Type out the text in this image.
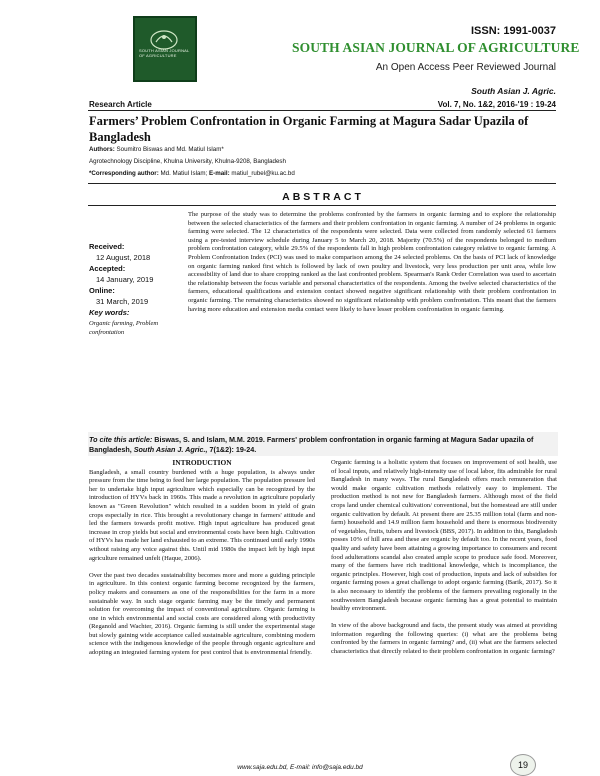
SOUTH ASIAN JOURNAL OF AGRICULTURE
ISSN: 1991-0037
SOUTH ASIAN JOURNAL OF AGRICULTURE
An Open Access Peer Reviewed Journal
South Asian J. Agric.
Research Article	Vol. 7, No. 1&2, 2016-'19 : 19-24
Farmers’ Problem Confrontation in Organic Farming at Magura Sadar Upazila of Bangladesh
Authors: Soumitro Biswas and Md. Matiul Islam*
Agrotechnology Discipline, Khulna University, Khulna-9208, Bangladesh
*Corresponding author: Md. Matiul Islam; E-mail: matiul_rubel@ku.ac.bd
ABSTRACT
Received:
12 August, 2018
Accepted:
14 January, 2019
Online:
31 March, 2019
Key words:
Organic farming, Problem confrontation
The purpose of the study was to determine the problems confronted by the farmers in organic farming and to explore the relationship between the selected characteristics of the farmers and their problem confrontation in organic farming. A number of 24 problems in organic farming were selected. The 12 characteristics of the respondents were selected. Data were collected from randomly selected 61 farmers using a pre-tested interview schedule during January 5 to March 20, 2018. Majority (70.5%) of the respondents belonged to medium problem confrontation category, while 29.5% of the respondents fall in high problem confrontation category relative to organic farming. A Problem Confrontation Index (PCI) was used to make comparison among the 24 selected problems. On the basis of PCI lack of knowledge on organic farming ranked first which is followed by lack of own poultry and livestock, very less production per unit area, while low accessibility of land due to share cropping ranked as the last confronted problem. Spearman's Rank Order Correlation was used to ascertain the relationship between the focus variable and personal characteristics of the respondents. Among the twelve selected characteristics of the farmers, educational qualifications and extension contact showed negative significant relationship with their problem confrontation in organic farming. The remaining characteristics showed no significant relationship with problem confrontation. This meant that the farmers having more education and extension media contact were likely to have lesser problem confrontation in organic farming.
To cite this article: Biswas, S. and Islam, M.M. 2019. Farmers' problem confrontation in organic farming at Magura Sadar upazila of Bangladesh, South Asian J. Agric., 7(1&2): 19-24.
INTRODUCTION

Bangladesh, a small country burdened with a huge population, is always under pressure from the time being to feed her large population. The population pressure led her to undertake high input agriculture which especially can be recognized by the introduction of HYVs back in 1960s. This made a revolution in agriculture popularly known as "Green Revolution" which resulted in a sudden boom in yield of grain crops especially in rice. This brought a revolutionary change in farmers' attitude and led the farmers towards profit motive. High input agriculture has produced great increase in crop yields but social and environmental costs have been high. Cultivation of HYVs has made her land exhausted to an extreme. This continued until early 1990s without raising any voice against this. Until mid 1980s the impact left by high input agriculture remained unfelt (Haque, 2006).

Over the past two decades sustainability becomes more and more a guiding principle in agriculture. In this context organic farming become recognized by the farmers, policy makers and consumers as one of the responsibilities for the farm in a more sustainable way. In such stage organic farming may be the timely and permanent solution for overcoming the impact of conventional agriculture. Organic farming is one in which environmental and social costs are considered along with productivity (Reganold and Wachter, 2016). Organic farming is still under the experimental stage but slowly gaining wide acceptance called sustainable agriculture, combining modern science with the indigenous knowledge of the people through organic agriculture and adopting an integrated farming system for pest control that is environmental friendly.

Organic farming is a holistic system that focuses on improvement of soil health, use of local inputs, and relatively high-intensity use of local labor, fits admirable for rural Bangladesh in many ways. The rural Bangladesh offers much remuneration that would make organic cultivation methods relatively easy to implement. The production method is not new for Bangladesh farmers. Although most of the field crops land under chemical cultivation/ conventional, but the homestead are still under organic cultivation by default. At present there are 25.35 million total (farm and non-farm) household and 14.9 million farm household and there is enormous biodiversity of vegetables, fruits, tubers and livestock (BBS, 2017). In addition to this, Bangladesh posses 10% of hill area and these are organic by default too. In the recent years, food quality and safety have been attaining a growing importance to consumers and recent food adulterations scandal also created ample scope to produce safe food. Moreover, many of the farmers have rich traditional knowledge, which is incompliance, the organic principles. However, high cost of production, inputs and lack of subsidies for organic farming poses a great challenge to adopt organic farming (Barik, 2017). So it is also necessary to identify the problems of the farmers prevailing regionally in the southwestern Bangladesh because organic farming has a great potential to maintain healthy environment.

In view of the above background and facts, the present study was aimed at providing information regarding the following queries: (i) what are the problems being confronted by the farmers in organic farming? and, (ii) what are the farmers selected characteristics that directly related to their problem confrontation in organic farming?

www.saja.edu.bd, E-mail: info@saja.edu.bd	19
